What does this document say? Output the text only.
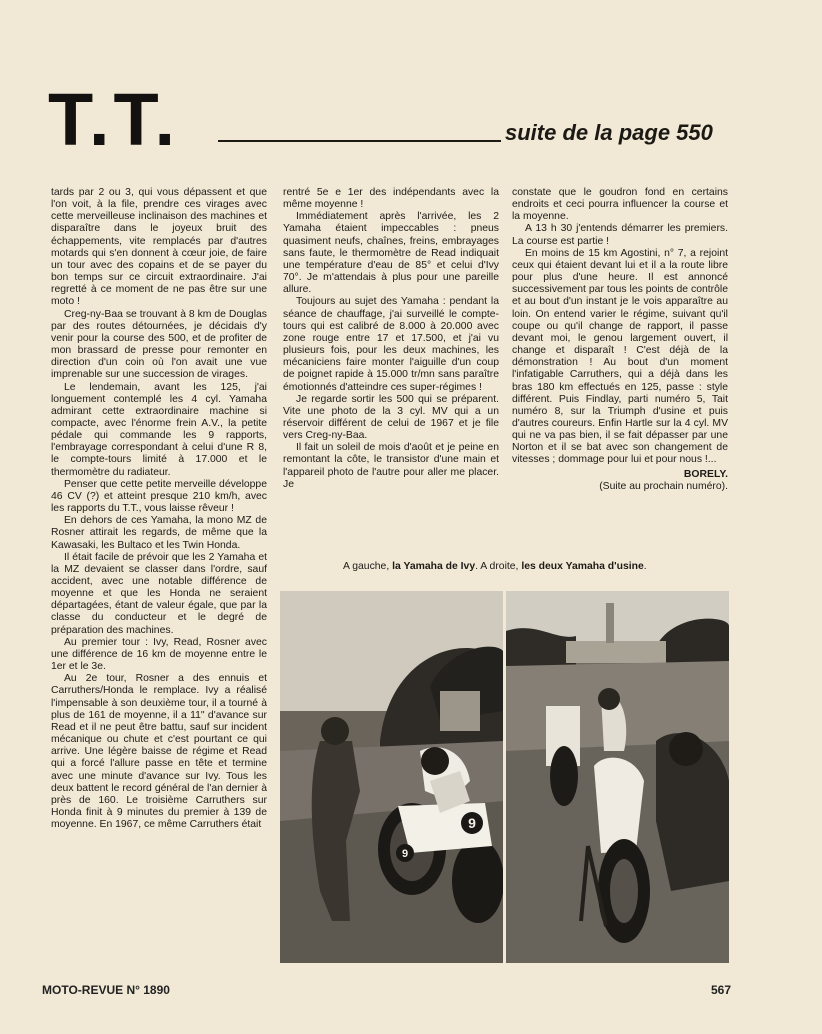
T.T.	suite de la page 550

tards par 2 ou 3, qui vous dépassent et que l'on voit, à la file, prendre ces virages avec cette merveilleuse inclinaison des machines et disparaître dans le joyeux bruit des échappements, vite remplacés par d'autres motards qui s'en donnent à cœur joie, de faire un tour avec des copains et de se payer du bon temps sur ce circuit extraordinaire. J'ai regretté à ce moment de ne pas être sur une moto !

Creg-ny-Baa se trouvant à 8 km de Douglas par des routes détournées, je décidais d'y venir pour la course des 500, et de profiter de mon brassard de presse pour remonter en direction d'un coin où l'on avait une vue imprenable sur une succession de virages.

Le lendemain, avant les 125, j'ai longuement contemplé les 4 cyl. Yamaha admirant cette extraordinaire machine si compacte, avec l'énorme frein A.V., la petite pédale qui commande les 9 rapports, l'embrayage correspondant à celui d'une R 8, le compte-tours limité à 17.000 et le thermomètre du radiateur.

Penser que cette petite merveille développe 46 CV (?) et atteint presque 210 km/h, avec les rapports du T.T., vous laisse rêveur !

En dehors de ces Yamaha, la mono MZ de Rosner attirait les regards, de même que la Kawasaki, les Bultaco et les Twin Honda.

Il était facile de prévoir que les 2 Yamaha et la MZ devaient se classer dans l'ordre, sauf accident, avec une notable différence de moyenne et que les Honda ne seraient départagées, étant de valeur égale, que par la classe du conducteur et le degré de préparation des machines.

Au premier tour : Ivy, Read, Rosner avec une différence de 16 km de moyenne entre le 1er et le 3e.

Au 2e tour, Rosner a des ennuis et Carruthers/Honda le remplace. Ivy a réalisé l'impensable à son deuxième tour, il a tourné à plus de 161 de moyenne, il a 11" d'avance sur Read et il ne peut être battu, sauf sur incident mécanique ou chute et c'est pourtant ce qui arrive. Une légère baisse de régime et Read qui a forcé l'allure passe en tête et termine avec une minute d'avance sur Ivy. Tous les deux battent le record général de l'an dernier à près de 160. Le troisième Carruthers sur Honda finit à 9 minutes du premier à 139 de moyenne. En 1967, ce même Carruthers était

rentré 5e e 1er des indépendants avec la même moyenne !

Immédiatement après l'arrivée, les 2 Yamaha étaient impeccables : pneus quasiment neufs, chaînes, freins, embrayages sans faute, le thermomètre de Read indiquait une température d'eau de 85° et celui d'Ivy 70°. Je m'attendais à plus pour une pareille allure.

Toujours au sujet des Yamaha : pendant la séance de chauffage, j'ai surveillé le compte-tours qui est calibré de 8.000 à 20.000 avec zone rouge entre 17 et 17.500, et j'ai vu plusieurs fois, pour les deux machines, les mécaniciens faire monter l'aiguille d'un coup de poignet rapide à 15.000 tr/mn sans paraître émotionnés d'atteindre ces super-régimes !

Je regarde sortir les 500 qui se préparent. Vite une photo de la 3 cyl. MV qui a un réservoir différent de celui de 1967 et je file vers Creg-ny-Baa.

Il fait un soleil de mois d'août et je peine en remontant la côte, le transistor d'une main et l'appareil photo de l'autre pour aller me placer. Je

constate que le goudron fond en certains endroits et ceci pourra influencer la course et la moyenne.

A 13 h 30 j'entends démarrer les premiers. La course est partie !

En moins de 15 km Agostini, n° 7, a rejoint ceux qui étaient devant lui et il a la route libre pour plus d'une heure. Il est annoncé successivement par tous les points de contrôle et au bout d'un instant je le vois apparaître au loin. On entend varier le régime, suivant qu'il coupe ou qu'il change de rapport, il passe devant moi, le genou largement ouvert, il change et disparaît ! C'est déjà de la démonstration ! Au bout d'un moment l'infatigable Carruthers, qui a déjà dans les bras 180 km effectués en 125, passe : style différent. Puis Findlay, parti numéro 5, Tait numéro 8, sur la Triumph d'usine et puis d'autres coureurs. Enfin Hartle sur la 4 cyl. MV qui ne va pas bien, il se fait dépasser par une Norton et il se bat avec son changement de vitesses ; dommage pour lui et pour nous !...

BORELY.

(Suite au prochain numéro).

A gauche, la Yamaha de Ivy. A droite, les deux Yamaha d'usine.

9
9
MOTO-REVUE N° 1890	567
